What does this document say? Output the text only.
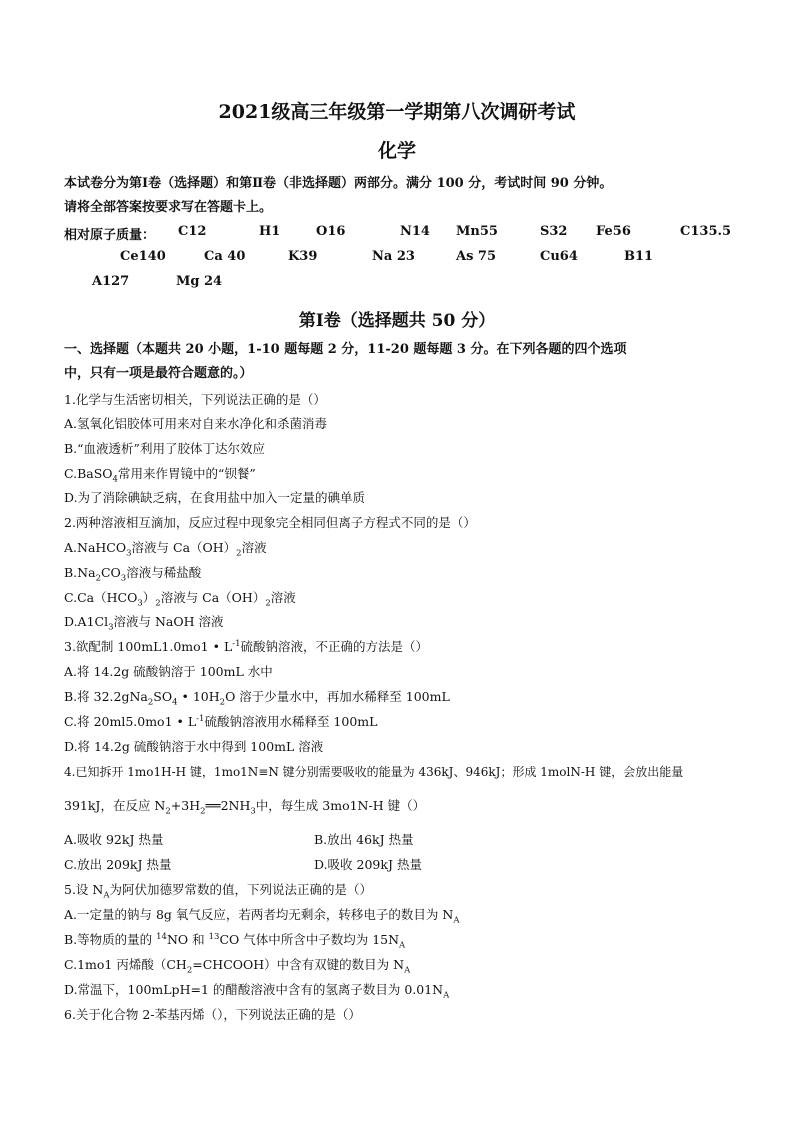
2021级高三年级第一学期第八次调研考试
化学
本试卷分为第Ⅰ卷（选择题）和第Ⅱ卷（非选择题）两部分。满分 100 分，考试时间 90 分钟。
请将全部答案按要求写在答题卡上。
相对原子质量： C12	H1	O16	N14 Mn55	S32 Fe56	C135.5
Ce140	Ca 40	K39	Na 23	As 75	Cu64	B11
A127	Mg 24
第Ⅰ卷（选择题共 50 分）
一、选择题（本题共 20 小题，1-10 题每题 2 分，11-20 题每题 3 分。在下列各题的四个选项
中，只有一项是最符合题意的。）
1.化学与生活密切相关，下列说法正确的是（）
A.氢氧化铝胶体可用来对自来水净化和杀菌消毒
B.“血液透析”利用了胶体丁达尔效应
C.BaSO$_4$常用来作胃镜中的“钡餐”
D.为了消除碘缺乏病，在食用盐中加入一定量的碘单质
2.两种溶液相互滴加，反应过程中现象完全相同但离子方程式不同的是（）
A.NaHCO$_3$溶液与 $Ca(OH)_2$溶液
$B.Na_2CO_3$溶液与稀盐酸
$C.Ca(HCO_3)_2$溶液与 $Ca(OH)_2$溶液
$D.A1Cl_3$溶液与 NaOH 溶液
3.欲配制 100mL1.0mo1 • $L^{-1}$硫酸钠溶液，不正确的方法是（）
A.将 14.2g 硫酸钠溶于 100mL 水中
B.将 $32.2gNa_2SO_4$ • $10H_2O$ 溶于少量水中，再加水稀释至 100mL
C.将 20ml5.0mo1 • $L^{-1}$硫酸钠溶液用水稀释至 100mL
D.将 14.2g 硫酸钠溶于水中得到 100mL 溶液
4.已知拆开 1mo1H-H 键，1mo1N≡N 键分别需要吸收的能量为 436kJ、946kJ；形成 1molN-H 键，会放出能量
391kJ，在反应 $N_2+3H_2══2NH_3$中，每生成 3mo1N-H 键（）
A.吸收 92kJ 热量	B.放出 46kJ 热量
C.放出 209kJ 热量	D.吸收 209kJ 热量
5.设 $N_A$为阿伏加德罗常数的值，下列说法正确的是（）
A.一定量的钠与 8g 氧气反应，若两者均无剩余，转移电子的数目为 $N_A$
B.等物质的量的 $^{14}$NO 和 $^{13}$CO 气体中所含中子数均为 $15N_A$
C.1mo1 丙烯酸$(CH_2=CHCOOH)$中含有双键的数目为 $N_A$
D.常温下，100mLpH=1 的醋酸溶液中含有的氢离子数目为 $0.01N_A$
6.关于化合物 2-苯基丙烯（），下列说法正确的是（）
